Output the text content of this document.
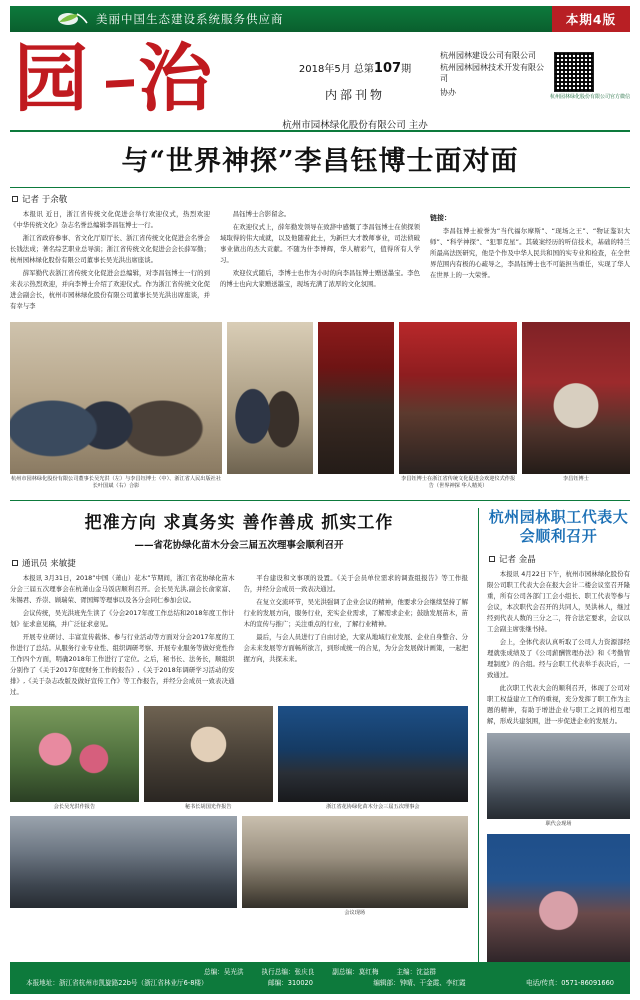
美丽中国生态建设系统服务供应商	本期4版
园 治	2018年5月 总第107期
内部刊物
杭州市园林绿化股份有限公司 主办
杭州园林建设公司有限公司
杭州园林园林技术开发有限公司
协办
杭州园林绿化股份有限公司官方微信
与“世界神探”李昌钰博士面对面
记者 于余敬

本报讯 近日，浙江省传统文化促进会举行欢迎仪式，热烈欢迎《中华传统文化》杂志名誉总编辑李昌钰博士一行。

浙江省政府参事、省文化厅原厅长、浙江省传统文化促进会名誉会长钱法成；著名综艺职业总导演；浙江省传统文化促进会会长薛军勤；杭州园林绿化股份有限公司董事长吴光洪出席座谈。

薛军勤代表浙江省传统文化促进会总编辑，对李昌钰博士一行的到来表示热烈欢迎，并向李博士介绍了欢迎仪式。作为浙江省传统文化促进会副会长，杭州市园林绿化股份有限公司董事长吴光洪出席座谈，并有幸与李

昌钰博士合影留念。

在欢迎仪式上，薛年勤发领导在致辞中感慨了李昌钰博士在侦探领域取得的伟大成就，以及他随着此士，为新巨大才教师事业，司法侦破事业做出的杰大贡献。不随为什李博辉，华人精彩气，值得所有人学习。

欢迎仪式随后，李博士也作为小时的向李昌钰博士赠送墨宝。李色的博士也向大家赠送墨宝，现场充满了浓厚的文化氛围。

链接：

李昌钰博士被誉为“当代福尔摩斯”、“现场之王”、“物证鉴识大师”、“科学神探”、“犯罪克星”。其破案经历的听信技术，基础的特兰所最高法医研究，他是个作及中华人民共和国的实专业和检查，在全世界范围内有极的心疏导之，李昌钰博士也不可能担当重任，实现了华人在世界上的一大荣誉。

杭州市园林绿化股份有限公司董事长吴光洪（左）与李昌钰博士（中）、浙江省人民出版社社长叶国斌（右）合影
李昌钰博士在浙江省传统文化促进会欢迎仪式作报告（世界神探 华人精英）
李昌钰博士
把准方向 求真务实 善作善成 抓实工作
——省花协绿化苗木分会三届五次理事会顺利召开
通讯员 来敏捷

本报讯 3月31日，2018”中国（萧山）花木”节期间，浙江省花协绿化苗木分会三届五次理事会在杭萧山金马饭店顺利召开。会长吴光洪,副会长俞家富、朱锡君、乔崇、顾瑞荣、胥国辉等理事以及各分会同仁参加会议。

会议传统，吴光洪班先生读了《分会2017年度工作总结和2018年度工作计划》征求意见稿，并广泛征求意见。

开展专业研讨、丰富宣传载体、参与行业活动等方面对分会2017年度的工作进行了总结。从服务行业专业性、组织调研考察、开展专业服务等做好党性作工作四个方面，明确2018年工作进行了定位。之后，秘书长、法务长，顺组织分别作了《关于2017年度财务工作的报告》,《关于2018年调研学习活动的安排》,《关于杂志改版及做好宣传工作》等工作报告，并经分会成员一致表决通过。

平台建设和文事项的设置。《关于会员单位需求的调查组报告》等工作报告，并经分会成员一致表决通过。

在复立交流环节，吴光洪强调了企业会议的精神，他要求分会继续坚持了解行业的发展方向，服务行业，充实企业需求，了解需求企业；鼓励发展苗木，苗木的宣传与推广；关注重点的行业，了解行业精神。

最后，与会人员进行了自由讨论，大家从地域行业发展、企业自身整合、分会未来发展等方面畅所欲言，到形成统一的合见，为分会发展做计画策，一起把握方向，共探未来。

会长吴光洪作报告	秘书长胡国光作报告	浙江省花协绿化苗木分会三届五次理事会
会议现场
杭州园林职工代表大会顺利召开
记者 金晶

本报讯 4月22日下午，杭州市园林绿化股份有限公司职工代表大会在报大会计二楼会议室召开隆重，所有公司各部门工会小组长、职工代表等参与会议，本次职代会召开的共同人，吴洪林人，继过经到代表人数的三分之二，符合法定要求，会议以工会副主席张继书持。

会上，全体代表认真听取了公司人力资源部经理就张成绩及了《公司薪酬管理办法》和《考勤管理制度》的合组。经与会职工代表举手表决后，一致通过。

此次职工代表大会的顺利召开，体现了公司对职工权益建立工作的重视，充分发挥了职工作为主题的精神，有助于增进企业与职工之间的相互理解，形成共建氛围，进一步促进企业的发展力。

职代会现场
总编：吴光洪	执行总编：张庆良	副总编：莫红梅	主编：沈益群
本报地址：浙江省杭州市凯旋路22b号（浙江省林业厅6-8楼）	邮编：310020	编辑部：钟晴、干金霞、李红霞	电话/传真：0571-86091660
